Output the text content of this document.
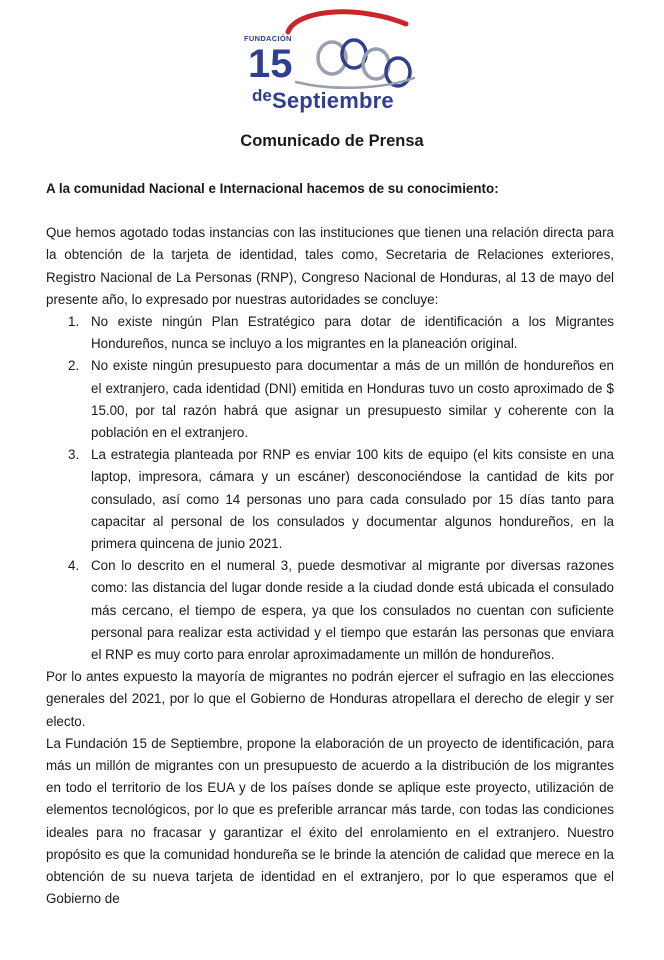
FUNDACIÓN
15
de Septiembre
Comunicado de Prensa

A la comunidad Nacional e Internacional hacemos de su conocimiento:

Que hemos agotado todas instancias con las instituciones que tienen una relación directa para la obtención de la tarjeta de identidad, tales como, Secretaria de Relaciones exteriores, Registro Nacional de La Personas (RNP), Congreso Nacional de Honduras, al 13 de mayo del presente año, lo expresado por nuestras autoridades se concluye:

1. No existe ningún Plan Estratégico para dotar de identificación a los Migrantes Hondureños, nunca se incluyo a los migrantes en la planeación original.
2. No existe ningún presupuesto para documentar a más de un millón de hondureños en el extranjero, cada identidad (DNI) emitida en Honduras tuvo un costo aproximado de $ 15.00, por tal razón habrá que asignar un presupuesto similar y coherente con la población en el extranjero.
3. La estrategia planteada por RNP es enviar 100 kits de equipo (el kits consiste en una laptop, impresora, cámara y un escáner) desconociéndose la cantidad de kits por consulado, así como 14 personas uno para cada consulado por 15 días tanto para capacitar al personal de los consulados y documentar algunos hondureños, en la primera quincena de junio 2021.
4. Con lo descrito en el numeral 3, puede desmotivar al migrante por diversas razones como: las distancia del lugar donde reside a la ciudad donde está ubicada el consulado más cercano, el tiempo de espera, ya que los consulados no cuentan con suficiente personal para realizar esta actividad y el tiempo que estarán las personas que enviara el RNP es muy corto para enrolar aproximadamente un millón de hondureños.

Por lo antes expuesto la mayoría de migrantes no podrán ejercer el sufragio en las elecciones generales del 2021, por lo que el Gobierno de Honduras atropellara el derecho de elegir y ser electo.

La Fundación 15 de Septiembre, propone la elaboración de un proyecto de identificación, para más un millón de migrantes con un presupuesto de acuerdo a la distribución de los migrantes en todo el territorio de los EUA y de los países donde se aplique este proyecto, utilización de elementos tecnológicos, por lo que es preferible arrancar más tarde, con todas las condiciones ideales para no fracasar y garantizar el éxito del enrolamiento en el extranjero. Nuestro propósito es que la comunidad hondureña se le brinde la atención de calidad que merece en la obtención de su nueva tarjeta de identidad en el extranjero, por lo que esperamos que el Gobierno de
